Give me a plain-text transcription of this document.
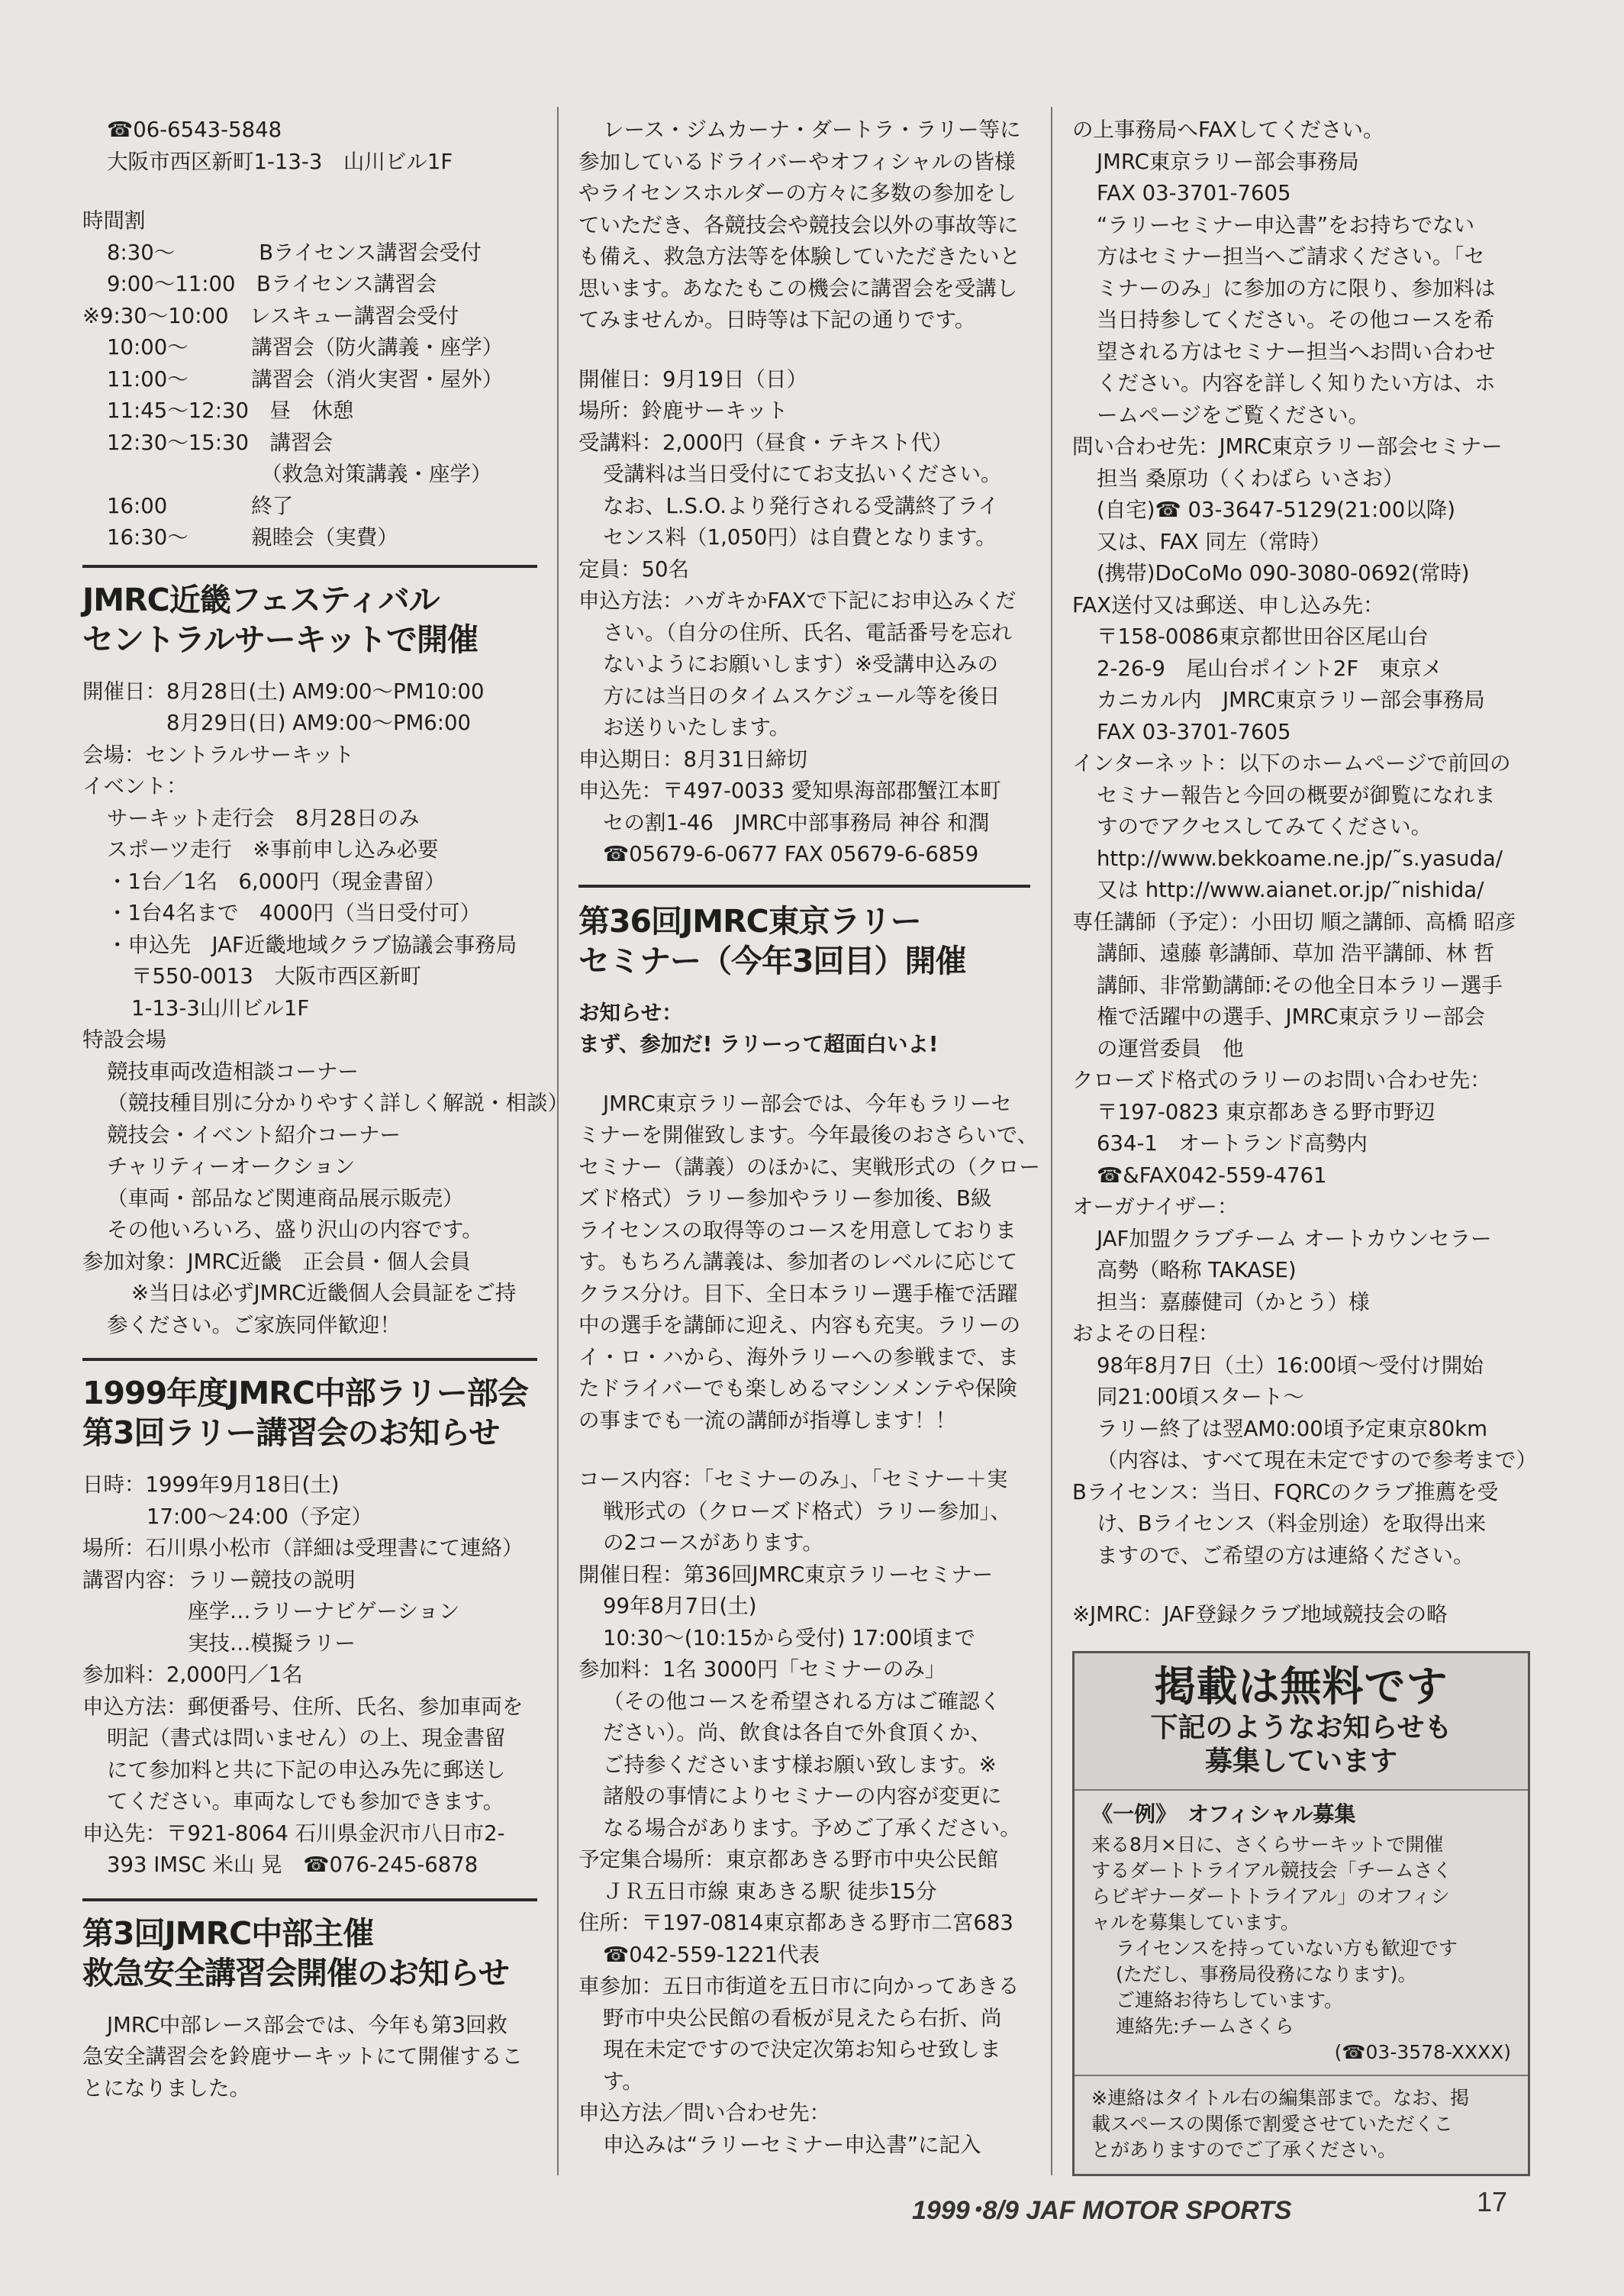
☎06-6543-5848
大阪市西区新町1-13-3　山川ビル1F
時間割
8:30〜　　　　Bライセンス講習会受付
9:00〜11:00　Bライセンス講習会
※9:30〜10:00　レスキュー講習会受付
10:00〜　　　講習会（防火講義・座学）
11:00〜　　　講習会（消火実習・屋外）
11:45〜12:30　昼　休憩
12:30〜15:30　講習会
（救急対策講義・座学）
16:00　　　　終了
16:30〜　　　親睦会（実費）
JMRC近畿フェスティバル
セントラルサーキットで開催
開催日：8月28日(土) AM9:00〜PM10:00
8月29日(日) AM9:00〜PM6:00
会場：セントラルサーキット
イベント：
サーキット走行会　8月28日のみ
スポーツ走行　※事前申し込み必要
・1台／1名　6,000円（現金書留）
・1台4名まで　4000円（当日受付可）
・申込先　JAF近畿地域クラブ協議会事務局
〒550-0013　大阪市西区新町
1-13-3山川ビル1F
特設会場
競技車両改造相談コーナー
（競技種目別に分かりやすく詳しく解説・相談）
競技会・イベント紹介コーナー
チャリティーオークション
（車両・部品など関連商品展示販売）
その他いろいろ、盛り沢山の内容です。
参加対象：JMRC近畿　正会員・個人会員
※当日は必ずJMRC近畿個人会員証をご持
参ください。ご家族同伴歓迎！
1999年度JMRC中部ラリー部会
第3回ラリー講習会のお知らせ
日時：1999年9月18日(土)
17:00〜24:00（予定）
場所：石川県小松市（詳細は受理書にて連絡）
講習内容：ラリー競技の説明
座学…ラリーナビゲーション
実技…模擬ラリー
参加料：2,000円／1名
申込方法：郵便番号、住所、氏名、参加車両を
明記（書式は問いません）の上、現金書留
にて参加料と共に下記の申込み先に郵送し
てください。車両なしでも参加できます。
申込先：〒921-8064 石川県金沢市八日市2-
393 IMSC 米山 晃　☎076-245-6878
第3回JMRC中部主催
救急安全講習会開催のお知らせ
JMRC中部レース部会では、今年も第3回救
急安全講習会を鈴鹿サーキットにて開催するこ
とになりました。
レース・ジムカーナ・ダートラ・ラリー等に
参加しているドライバーやオフィシャルの皆様
やライセンスホルダーの方々に多数の参加をし
ていただき、各競技会や競技会以外の事故等に
も備え、救急方法等を体験していただきたいと
思います。あなたもこの機会に講習会を受講し
てみませんか。日時等は下記の通りです。
開催日：9月19日（日）
場所：鈴鹿サーキット
受講料：2,000円（昼食・テキスト代）
受講料は当日受付にてお支払いください。
なお、L.S.O.より発行される受講終了ライ
センス料（1,050円）は自費となります。
定員：50名
申込方法：ハガキかFAXで下記にお申込みくだ
さい。（自分の住所、氏名、電話番号を忘れ
ないようにお願いします）※受講申込みの
方には当日のタイムスケジュール等を後日
お送りいたします。
申込期日：8月31日締切
申込先：〒497-0033 愛知県海部郡蟹江本町
セの割1-46　JMRC中部事務局 神谷 和潤
☎05679-6-0677 FAX 05679-6-6859
第36回JMRC東京ラリー
セミナー（今年3回目）開催
お知らせ：
まず、参加だ! ラリーって超面白いよ!
JMRC東京ラリー部会では、今年もラリーセ
ミナーを開催致します。今年最後のおさらいで、
セミナー（講義）のほかに、実戦形式の（クロー
ズド格式）ラリー参加やラリー参加後、B級
ライセンスの取得等のコースを用意しておりま
す。もちろん講義は、参加者のレベルに応じて
クラス分け。目下、全日本ラリー選手権で活躍
中の選手を講師に迎え、内容も充実。ラリーの
イ・ロ・ハから、海外ラリーへの参戦まで、ま
たドライバーでも楽しめるマシンメンテや保険
の事までも一流の講師が指導します！！
コース内容：「セミナーのみ」、「セミナー＋実
戦形式の（クローズド格式）ラリー参加」、
の2コースがあります。
開催日程：第36回JMRC東京ラリーセミナー
99年8月7日(土)
10:30〜(10:15から受付) 17:00頃まで
参加料：1名 3000円「セミナーのみ」
（その他コースを希望される方はご確認く
ださい）。尚、飲食は各自で外食頂くか、
ご持参くださいます様お願い致します。※
諸般の事情によりセミナーの内容が変更に
なる場合があります。予めご了承ください。
予定集合場所：東京都あきる野市中央公民館
ＪＲ五日市線 東あきる駅 徒歩15分
住所：〒197-0814東京都あきる野市二宮683
☎042-559-1221代表
車参加：五日市街道を五日市に向かってあきる
野市中央公民館の看板が見えたら右折、尚
現在未定ですので決定次第お知らせ致しま
す。
申込方法／問い合わせ先：
申込みは“ラリーセミナー申込書”に記入
の上事務局へFAXしてください。
JMRC東京ラリー部会事務局
FAX 03-3701-7605
“ラリーセミナー申込書”をお持ちでない
方はセミナー担当へご請求ください。「セ
ミナーのみ」に参加の方に限り、参加料は
当日持参してください。その他コースを希
望される方はセミナー担当へお問い合わせ
ください。内容を詳しく知りたい方は、ホ
ームページをご覧ください。
問い合わせ先：JMRC東京ラリー部会セミナー
担当 桑原功（くわばら いさお）
(自宅)☎ 03-3647-5129(21:00以降)
又は、FAX 同左（常時）
(携帯)DoCoMo 090-3080-0692(常時)
FAX送付又は郵送、申し込み先：
〒158-0086東京都世田谷区尾山台
2-26-9　尾山台ポイント2F　東京メ
カニカル内　JMRC東京ラリー部会事務局
FAX 03-3701-7605
インターネット：以下のホームページで前回の
セミナー報告と今回の概要が御覧になれま
すのでアクセスしてみてください。
http://www.bekkoame.ne.jp/˜s.yasuda/
又は http://www.aianet.or.jp/˜nishida/
専任講師（予定）：小田切 順之講師、高橋 昭彦
講師、遠藤 彰講師、草加 浩平講師、林 哲
講師、非常勤講師:その他全日本ラリー選手
権で活躍中の選手、JMRC東京ラリー部会
の運営委員　他
クローズド格式のラリーのお問い合わせ先：
〒197-0823 東京都あきる野市野辺
634-1　オートランド高勢内
☎&FAX042-559-4761
オーガナイザー：
JAF加盟クラブチーム オートカウンセラー
高勢（略称 TAKASE)
担当：嘉藤健司（かとう）様
およその日程：
98年8月7日（土）16:00頃〜受付け開始
同21:00頃スタート〜
ラリー終了は翌AM0:00頃予定東京80km
（内容は、すべて現在未定ですので参考まで）
Bライセンス：当日、FQRCのクラブ推薦を受
け、Bライセンス（料金別途）を取得出来
ますので、ご希望の方は連絡ください。
※JMRC：JAF登録クラブ地域競技会の略
掲載は無料です
下記のようなお知らせも
募集しています
《一例》　オフィシャル募集
来る8月×日に、さくらサーキットで開催
するダートトライアル競技会「チームさく
らビギナーダートトライアル」のオフィシ
ャルを募集しています。
ライセンスを持っていない方も歓迎です
(ただし、事務局役務になります)。
ご連絡お待ちしています。
連絡先:チームさくら
(☎03-3578-XXXX)
※連絡はタイトル右の編集部まで。なお、掲
載スペースの関係で割愛させていただくこ
とがありますのでご了承ください。
1999･8/9 JAF MOTOR SPORTS	17
